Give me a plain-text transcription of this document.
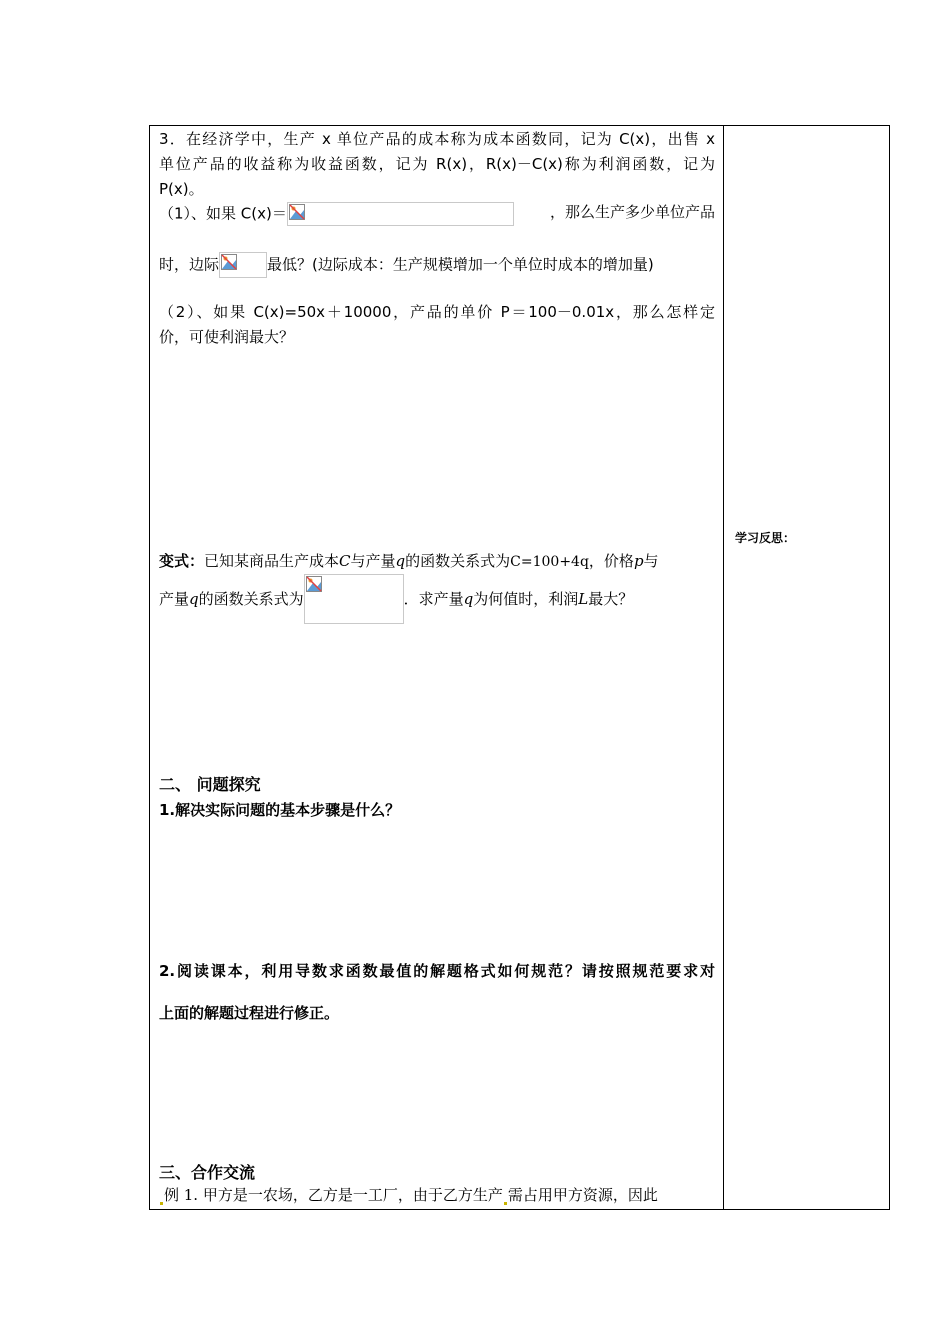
3．在经济学中，生产 x 单位产品的成本称为成本函数同，记为 C(x)，出售 x
单位产品的收益称为收益函数，记为 R(x)，R(x)－C(x)称为利润函数，记为
P(x)。
（1）、如果 C(x)＝	，那么生产多少单位产品
时，边际	最低？(边际成本：生产规模增加一个单位时成本的增加量)
（2）、如果 C(x)=50x＋10000，产品的单价 P＝100－0.01x，那么怎样定
价，可使利润最大？
变式：已知某商品生产成本C与产量q的函数关系式为C=100+4q，价格p与
产量q的函数关系式为	．求产量q为何值时，利润L最大？
二、 问题探究
1.解决实际问题的基本步骤是什么？
2.阅读课本，利用导数求函数最值的解题格式如何规范？请按照规范要求对
上面的解题过程进行修正。
三、合作交流
例 1. 甲方是一农场，乙方是一工厂，由于乙方生产 需占用甲方资源，因此
学习反思：
